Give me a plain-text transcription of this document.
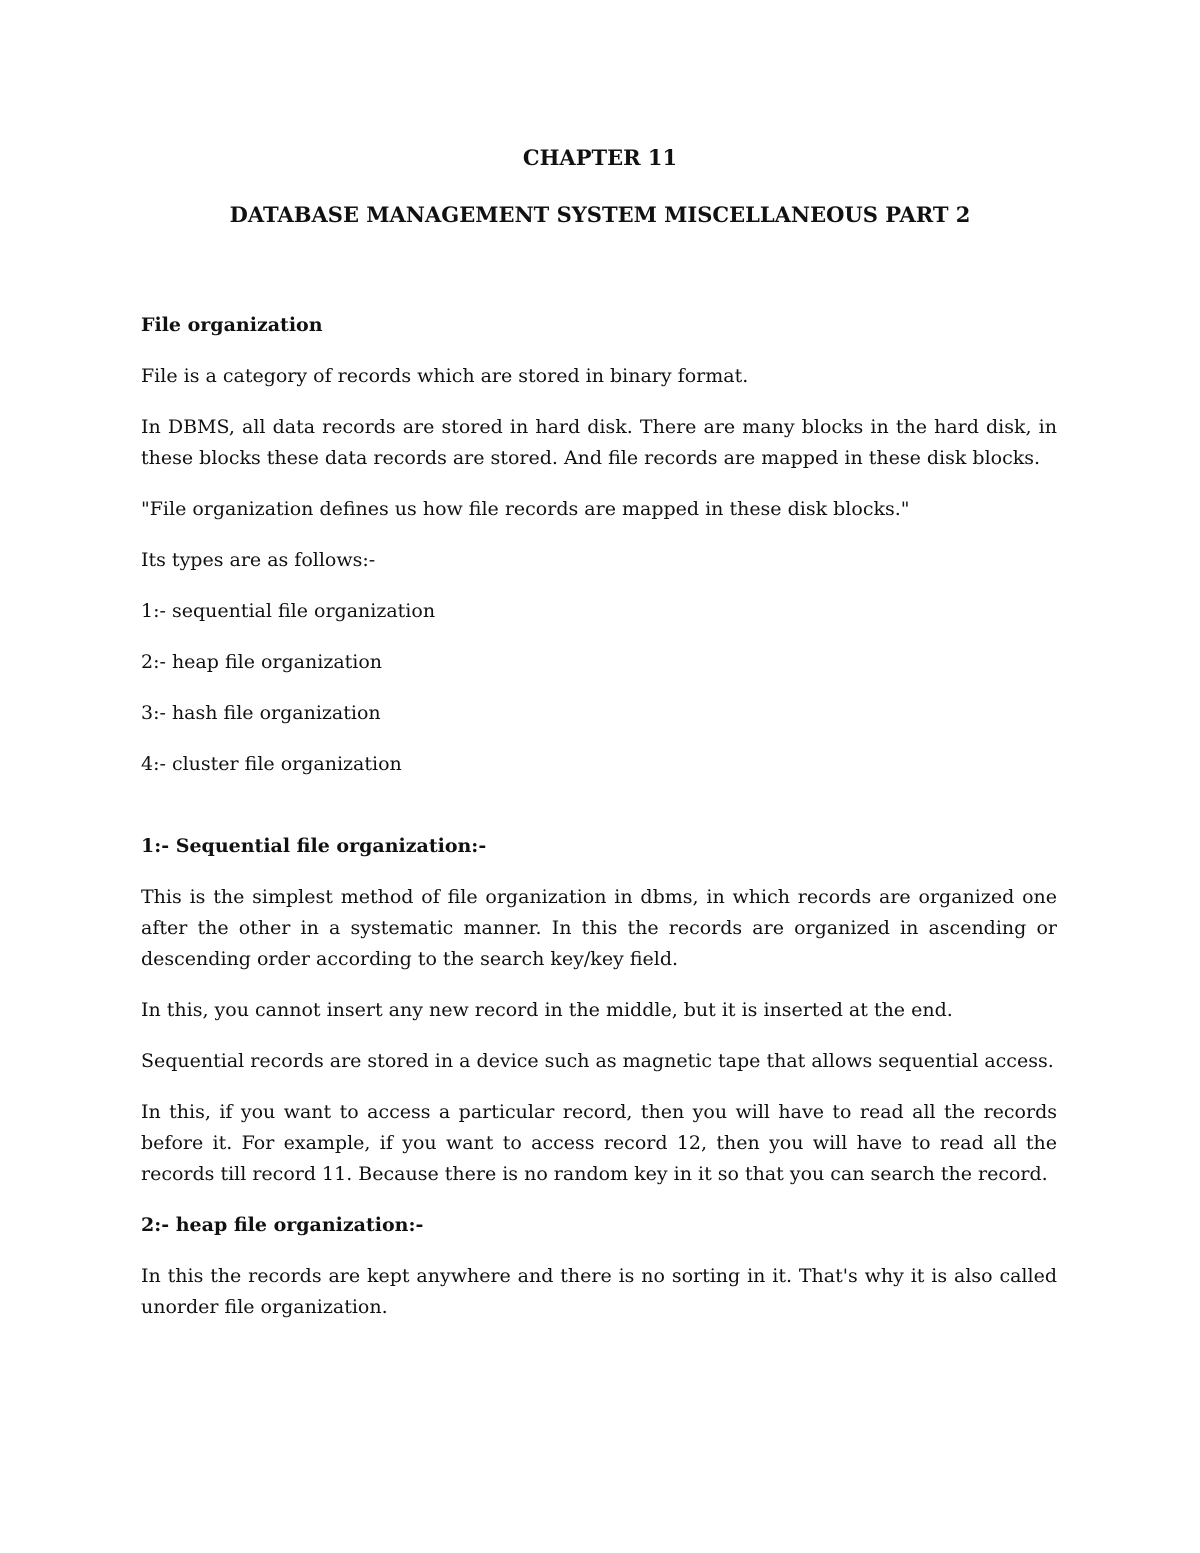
CHAPTER 11
DATABASE MANAGEMENT SYSTEM MISCELLANEOUS PART 2
File organization

File is a category of records which are stored in binary format.

In DBMS, all data records are stored in hard disk. There are many blocks in the hard disk, in these blocks these data records are stored. And file records are mapped in these disk blocks.

"File organization defines us how file records are mapped in these disk blocks."

Its types are as follows:-

1:- sequential file organization
2:- heap file organization
3:- hash file organization
4:- cluster file organization
1:- Sequential file organization:-

This is the simplest method of file organization in dbms, in which records are organized one after the other in a systematic manner. In this the records are organized in ascending or descending order according to the search key/key field.

In this, you cannot insert any new record in the middle, but it is inserted at the end.

Sequential records are stored in a device such as magnetic tape that allows sequential access.

In this, if you want to access a particular record, then you will have to read all the records before it. For example, if you want to access record 12, then you will have to read all the records till record 11. Because there is no random key in it so that you can search the record.

2:- heap file organization:-

In this the records are kept anywhere and there is no sorting in it. That's why it is also called unorder file organization.
